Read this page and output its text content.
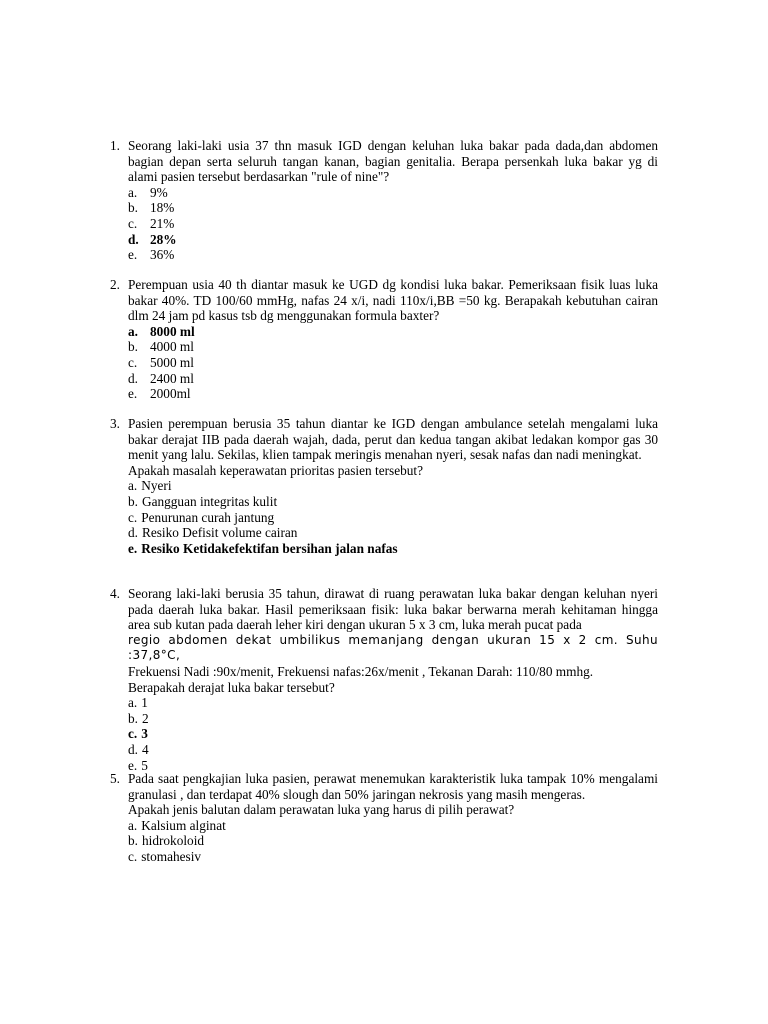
1. Seorang laki-laki usia 37 thn masuk IGD dengan keluhan luka bakar pada dada,dan abdomen bagian depan serta seluruh tangan kanan, bagian genitalia. Berapa persenkah luka bakar yg di alami pasien tersebut berdasarkan "rule of nine"?

a. 9%
b. 18%
c. 21%
d. 28%
e. 36%
2. Perempuan usia 40 th diantar masuk ke UGD dg kondisi luka bakar. Pemeriksaan fisik luas luka bakar 40%. TD 100/60 mmHg, nafas 24 x/i, nadi 110x/i,BB =50 kg. Berapakah kebutuhan cairan dlm 24 jam pd kasus tsb dg menggunakan formula baxter?

a. 8000 ml
b. 4000 ml
c. 5000 ml
d. 2400 ml
e. 2000ml
3. Pasien perempuan berusia 35 tahun diantar ke IGD dengan ambulance setelah mengalami luka bakar derajat IIB pada daerah wajah, dada, perut dan kedua tangan akibat ledakan kompor gas 30 menit yang lalu. Sekilas, klien tampak meringis menahan nyeri, sesak nafas dan nadi meningkat.

Apakah masalah keperawatan prioritas pasien tersebut?

a. Nyeri
b. Gangguan integritas kulit
c. Penurunan curah jantung
d. Resiko Defisit volume cairan
e. Resiko Ketidakefektifan bersihan jalan nafas
4. Seorang laki-laki berusia 35 tahun, dirawat di ruang perawatan luka bakar dengan keluhan nyeri pada daerah luka bakar. Hasil pemeriksaan fisik: luka bakar berwarna merah kehitaman hingga area sub kutan pada daerah leher kiri dengan ukuran 5 x 3 cm, luka merah pucat pada

regio abdomen dekat umbilikus memanjang dengan ukuran 15 x 2 cm. Suhu :37,8°C,

Frekuensi Nadi :90x/menit, Frekuensi nafas:26x/menit , Tekanan Darah: 110/80 mmhg.

Berapakah derajat luka bakar tersebut?

a. 1
b. 2
c. 3
d. 4
e. 5
5. Pada saat pengkajian luka pasien, perawat menemukan karakteristik luka tampak 10% mengalami granulasi , dan terdapat 40% slough dan 50% jaringan nekrosis yang masih mengeras.

Apakah jenis balutan dalam perawatan luka yang harus di pilih perawat?

a. Kalsium alginat
b. hidrokoloid
c. stomahesiv
